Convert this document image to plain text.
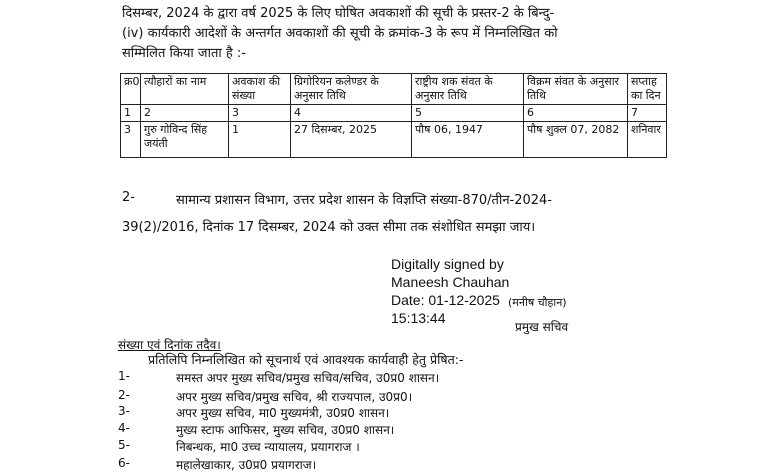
दिसम्बर, 2024 के द्वारा वर्ष 2025 के लिए घोषित अवकाशों की सूची के प्रस्तर-2 के बिन्दु-
(iv) कार्यकारी आदेशों के अन्तर्गत अवकाशों की सूची के क्रमांक-3 के रूप में निम्नलिखित को
सम्मिलित किया जाता है :-
क्र0	त्यौहारों का नाम	अवकाश की संख्या	ग्रिगोरियन कलेण्डर के अनुसार तिथि	राष्ट्रीय शक संवत के अनुसार तिथि	विक्रम संवत के अनुसार तिथि	सप्ताह का दिन
1	2	3	4	5	6	7
3	गुरु गोविन्द सिंह जयंती	1	27 दिसम्बर, 2025	पौष 06, 1947	पौष शुक्ल 07, 2082	शनिवार
2-	सामान्य प्रशासन विभाग, उत्तर प्रदेश शासन के विज्ञप्ति संख्या-870/तीन-2024-
39(2)/2016, दिनांक 17 दिसम्बर, 2024 को उक्त सीमा तक संशोधित समझा जाय।
Digitally signed by
Maneesh Chauhan
Date: 01-12-2025
15:13:44
(मनीष चौहान)
प्रमुख सचिव
संख्या एवं दिनांक तदैव।
प्रतिलिपि निम्नलिखित को सूचनार्थ एवं आवश्यक कार्यवाही हेतु प्रेषित:-
1-	समस्त अपर मुख्य सचिव/प्रमुख सचिव/सचिव, उ0प्र0 शासन।
2-	अपर मुख्य सचिव/प्रमुख सचिव, श्री राज्यपाल, उ0प्र0।
3-	अपर मुख्य सचिव, मा0 मुख्यमंत्री, उ0प्र0 शासन।
4-	मुख्य स्टाफ आफिसर, मुख्य सचिव, उ0प्र0 शासन।
5-	निबन्धक, मा0 उच्च न्यायालय, प्रयागराज ।
6-	महालेखाकार, उ0प्र0 प्रयागराज।
